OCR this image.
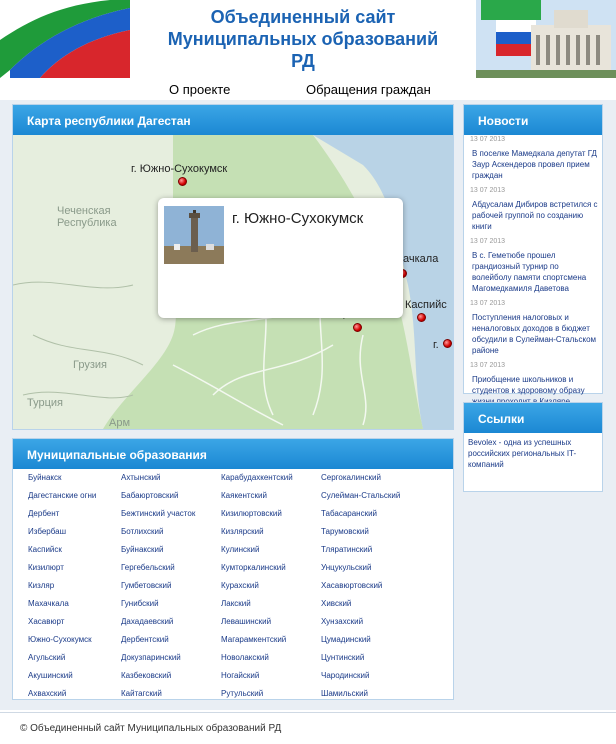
Объединенный сайт
Муниципальных образований
РД
О проекте	Обращения граждан
Карта республики Дагестан
г. Южно-Сухокумск
Чеченская
Республика
Грузия
Турция
Арм
ачкала
Каспийс
г.
г. Южно-Сухокумск
Муниципальные образования
Буйнакск
Дагестанские огни
Дербент
Избербаш
Каспийск
Кизилюрт
Кизляр
Махачкала
Хасавюрт
Южно-Сухокумск
Агульский
Акушинский
Ахвахский
Ахтынский
Бабаюртовский
Бежтинский участок
Ботлихский
Буйнакский
Гергебельский
Гумбетовский
Гунибский
Дахадаевский
Дербентский
Докузпаринский
Казбековский
Кайтагский
Карабудахкентский
Каякентский
Кизилюртовский
Кизлярский
Кулинский
Кумторкалинский
Курахский
Лакский
Левашинский
Магарамкентский
Новолакский
Ногайский
Рутульский
Сергокалинский
Сулейман-Стальский
Табасаранский
Тарумовский
Тляратинский
Унцукульский
Хасавюртовский
Хивский
Хунзахский
Цумадинский
Цунтинский
Чародинский
Шамильский
Новости
13 07 2013
В поселке Мамедкала депутат ГД Заур Аскендеров провел прием граждан
13 07 2013
Абдусалам Дибиров встретился с рабочей группой по созданию книги
13 07 2013
В с. Гемeтюбе прошел грандиозный турнир по волейболу памяти спортсмена Магомедкамиля Даветова
13 07 2013
Поступления налоговых и неналоговых доходов в бюджет обсудили в Сулейман-Стальском районе
13 07 2013
Приобщение школьников и студентов к здоровому образу
Ссылки
Bevolex - одна из успешных российских региональных IT-компаний
© Объединенный сайт Муниципальных образований РД
